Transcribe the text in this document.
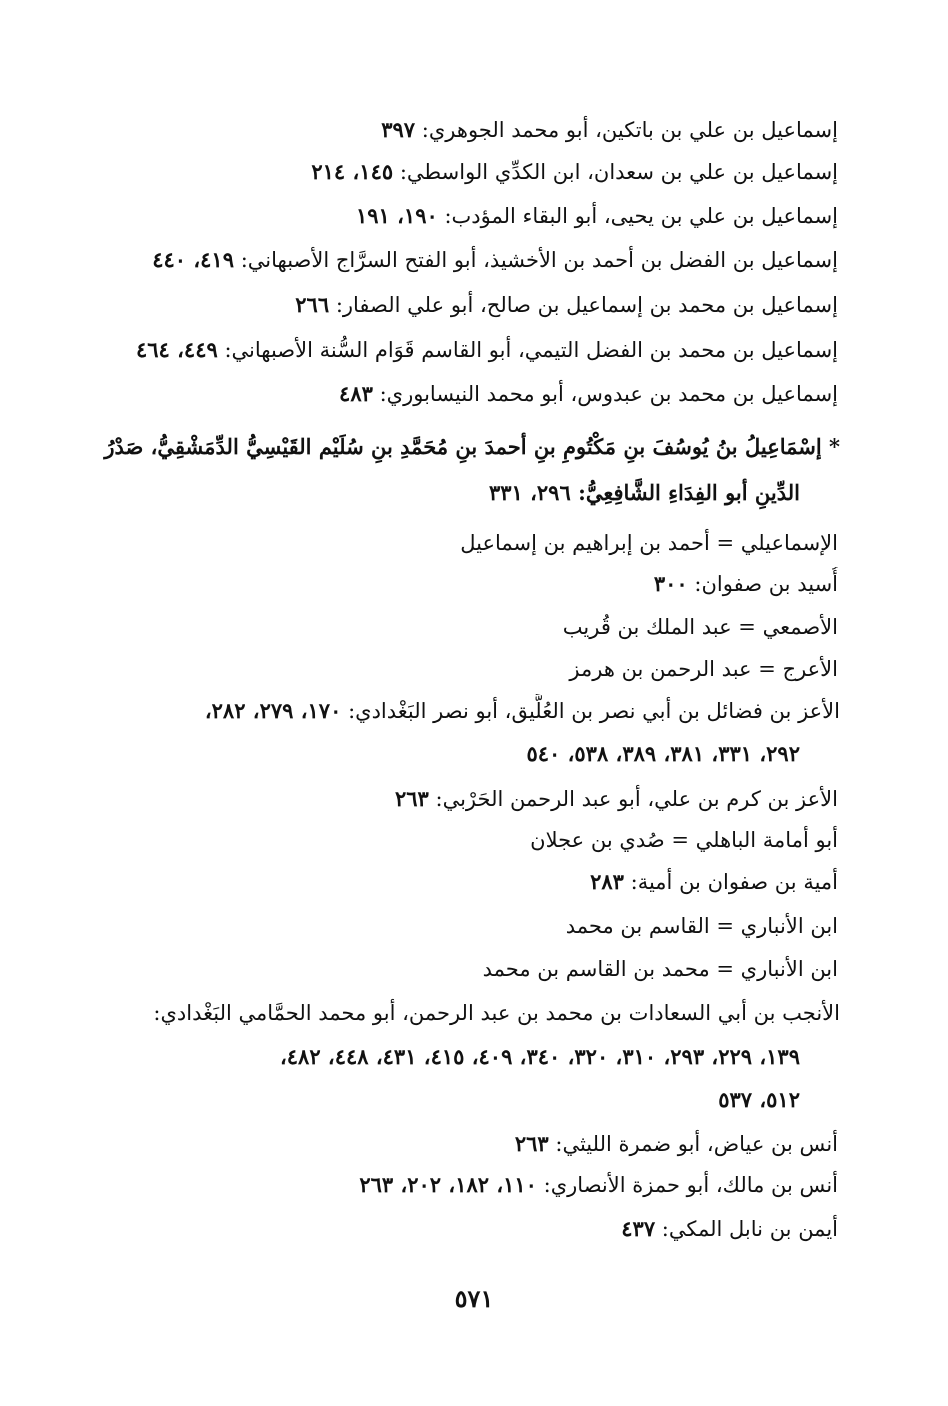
إسماعيل بن علي بن باتكين، أبو محمد الجوهري: ٣٩٧
إسماعيل بن علي بن سعدان، ابن الكدِّي الواسطي: ١٤٥، ٢١٤
إسماعيل بن علي بن يحيى، أبو البقاء المؤدب: ١٩٠، ١٩١
إسماعيل بن الفضل بن أحمد بن الأخشيذ، أبو الفتح السرَّاج الأصبهاني: ٤١٩، ٤٤٠
إسماعيل بن محمد بن إسماعيل بن صالح، أبو علي الصفار: ٢٦٦
إسماعيل بن محمد بن الفضل التيمي، أبو القاسم قَوَام السُّنة الأصبهاني: ٤٤٩، ٤٦٤
إسماعيل بن محمد بن عبدوس، أبو محمد النيسابوري: ٤٨٣
* إسْمَاعِيلُ بنُ يُوسُفَ بنِ مَكْتُومِ بنِ أحمدَ بنِ مُحَمَّدِ بنِ سُلَيْم القَيْسِيُّ الدِّمَشْقِيُّ، صَدْرُ
الدِّينِ أبو الفِدَاءِ الشَّافِعِيُّ: ٢٩٦، ٣٣١
الإسماعيلي = أحمد بن إبراهيم بن إسماعيل
أُسيد بن صفوان: ٣٠٠
الأصمعي = عبد الملك بن قُريب
الأعرج = عبد الرحمن بن هرمز
الأعز بن فضائل بن أبي نصر بن العُلَّيق، أبو نصر البَغْدادي: ١٧٠، ٢٧٩، ٢٨٢،
٢٩٢، ٣٣١، ٣٨١، ٣٨٩، ٥٣٨، ٥٤٠
الأعز بن كرم بن علي، أبو عبد الرحمن الحَرْبي: ٢٦٣
أبو أمامة الباهلي = صُدي بن عجلان
أمية بن صفوان بن أمية: ٢٨٣
ابن الأنباري = القاسم بن محمد
ابن الأنباري = محمد بن القاسم بن محمد
الأنجب بن أبي السعادات بن محمد بن عبد الرحمن، أبو محمد الحمَّامي البَغْدادي:
١٣٩، ٢٢٩، ٢٩٣، ٣١٠، ٣٢٠، ٣٤٠، ٤٠٩، ٤١٥، ٤٣١، ٤٤٨، ٤٨٢،
٥١٢، ٥٣٧
أنس بن عياض، أبو ضمرة الليثي: ٢٦٣
أنس بن مالك، أبو حمزة الأنصاري: ١١٠، ١٨٢، ٢٠٢، ٢٦٣
أيمن بن نابل المكي: ٤٣٧
٥٧١
